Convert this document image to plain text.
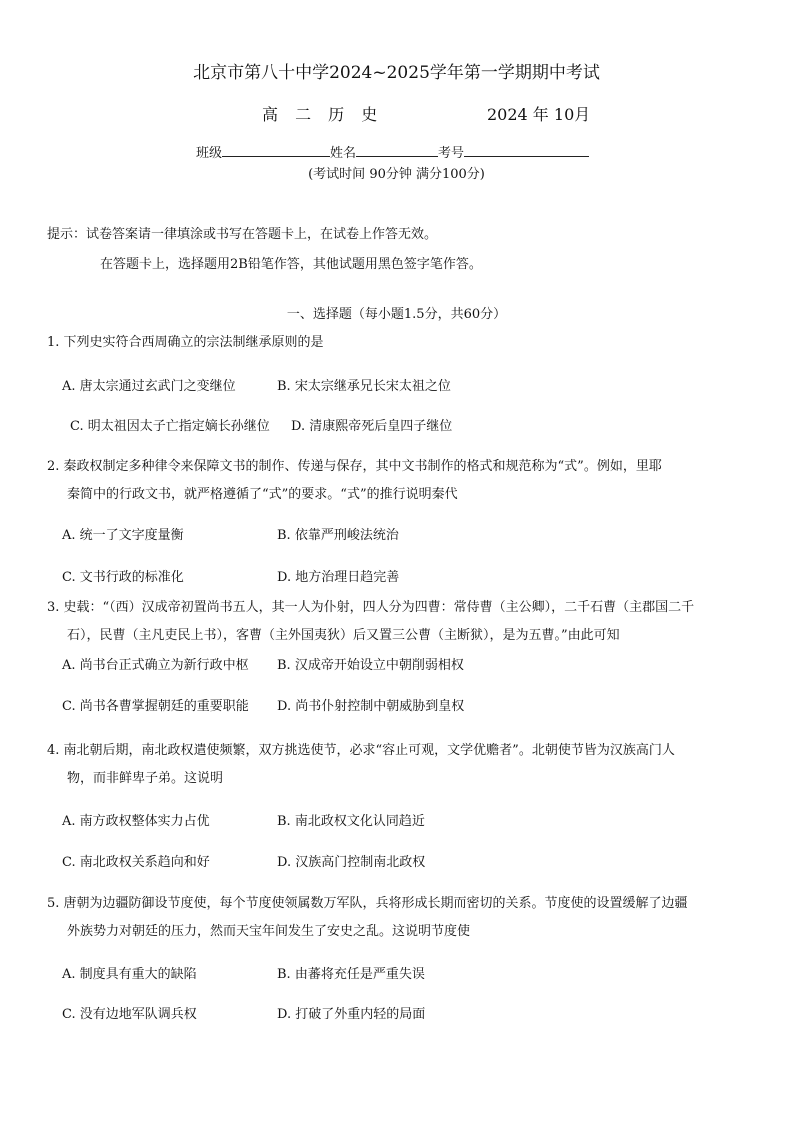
北京市第八十中学2024~2025学年第一学期期中考试
高 二 历 史	2024 年 10月
班级	姓名	考号
(考试时间 90分钟 满分100分)
提示：试卷答案请一律填涂或书写在答题卡上，在试卷上作答无效。
在答题卡上，选择题用2B铅笔作答，其他试题用黑色签字笔作答。
一、选择题（每小题1.5分，共60分）
1. 下列史实符合西周确立的宗法制继承原则的是
A. 唐太宗通过玄武门之变继位	B. 宋太宗继承兄长宋太祖之位
C. 明太祖因太子亡指定嫡长孙继位 D. 清康熙帝死后皇四子继位
2. 秦政权制定多种律令来保障文书的制作、传递与保存，其中文书制作的格式和规范称为“式”。例如，里耶
秦简中的行政文书，就严格遵循了“式”的要求。“式”的推行说明秦代
A. 统一了文字度量衡	B. 依靠严刑峻法统治
C. 文书行政的标准化	D. 地方治理日趋完善
3. 史载：“（西）汉成帝初置尚书五人，其一人为仆射，四人分为四曹：常侍曹（主公卿），二千石曹（主郡国二千
石），民曹（主凡吏民上书），客曹（主外国夷狄）后又置三公曹（主断狱），是为五曹。”由此可知
A. 尚书台正式确立为新行政中枢 B. 汉成帝开始设立中朝削弱相权
C. 尚书各曹掌握朝廷的重要职能 D. 尚书仆射控制中朝威胁到皇权
4. 南北朝后期，南北政权遣使频繁，双方挑选使节，必求“容止可观，文学优赡者”。北朝使节皆为汉族高门人
物，而非鲜卑子弟。这说明
A. 南方政权整体实力占优	B. 南北政权文化认同趋近
C. 南北政权关系趋向和好	D. 汉族高门控制南北政权
5. 唐朝为边疆防御设节度使，每个节度使领属数万军队，兵将形成长期而密切的关系。节度使的设置缓解了边疆
外族势力对朝廷的压力，然而天宝年间发生了安史之乱。这说明节度使
A. 制度具有重大的缺陷	B. 由蕃将充任是严重失误
C. 没有边地军队调兵权	D. 打破了外重内轻的局面
